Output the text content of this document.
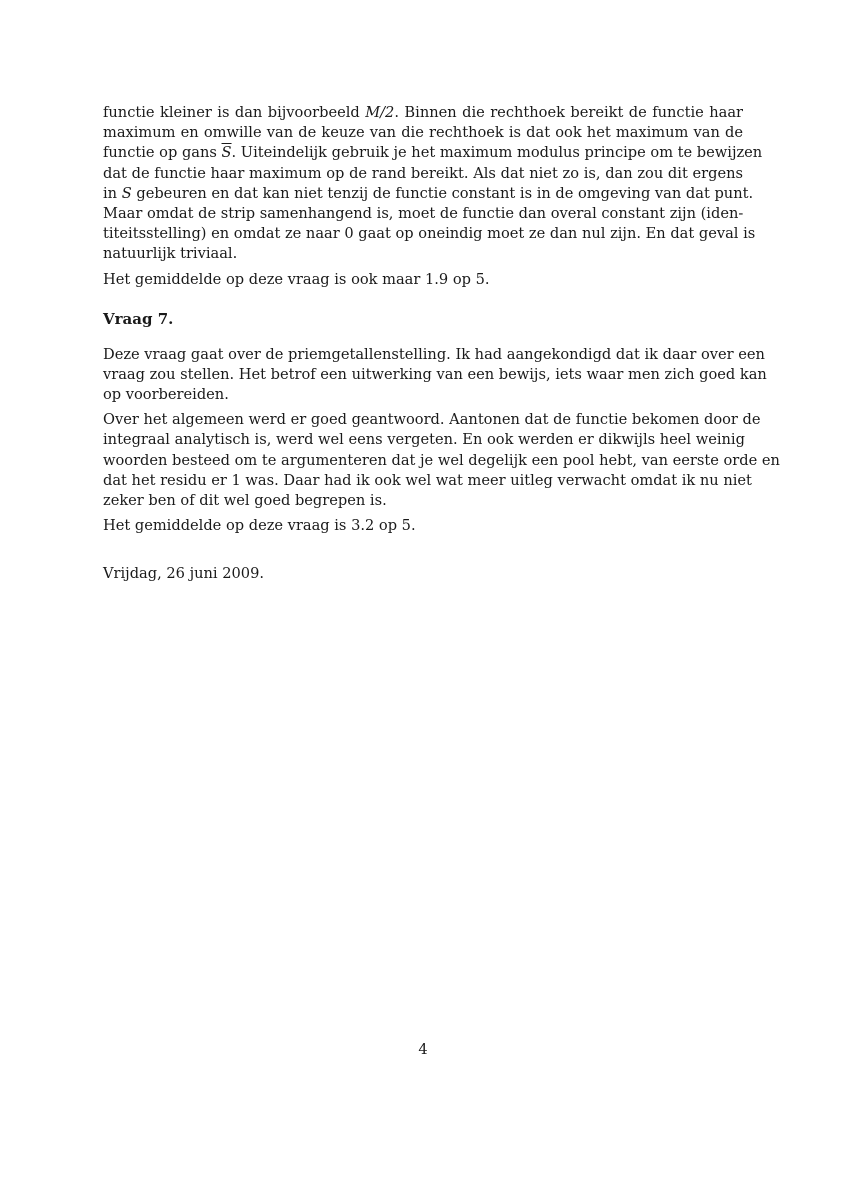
functie kleiner is dan bijvoorbeeld M/2. Binnen die rechthoek bereikt de functie haar
maximum en omwille van de keuze van die rechthoek is dat ook het maximum van de
functie op gans $\overline{S}$. Uiteindelijk gebruik je het maximum modulus principe om te bewijzen
dat de functie haar maximum op de rand bereikt. Als dat niet zo is, dan zou dit ergens
in S gebeuren en dat kan niet tenzij de functie constant is in de omgeving van dat punt.
Maar omdat de strip samenhangend is, moet de functie dan overal constant zijn (iden-
titeitsstelling) en omdat ze naar 0 gaat op oneindig moet ze dan nul zijn. En dat geval is
natuurlijk triviaal.
Het gemiddelde op deze vraag is ook maar 1.9 op 5.
Vraag 7.
Deze vraag gaat over de priemgetallenstelling. Ik had aangekondigd dat ik daar over een
vraag zou stellen. Het betrof een uitwerking van een bewijs, iets waar men zich goed kan
op voorbereiden.
Over het algemeen werd er goed geantwoord. Aantonen dat de functie bekomen door de
integraal analytisch is, werd wel eens vergeten. En ook werden er dikwijls heel weinig
woorden besteed om te argumenteren dat je wel degelijk een pool hebt, van eerste orde en
dat het residu er 1 was. Daar had ik ook wel wat meer uitleg verwacht omdat ik nu niet
zeker ben of dit wel goed begrepen is.
Het gemiddelde op deze vraag is 3.2 op 5.
Vrijdag, 26 juni 2009.
4
